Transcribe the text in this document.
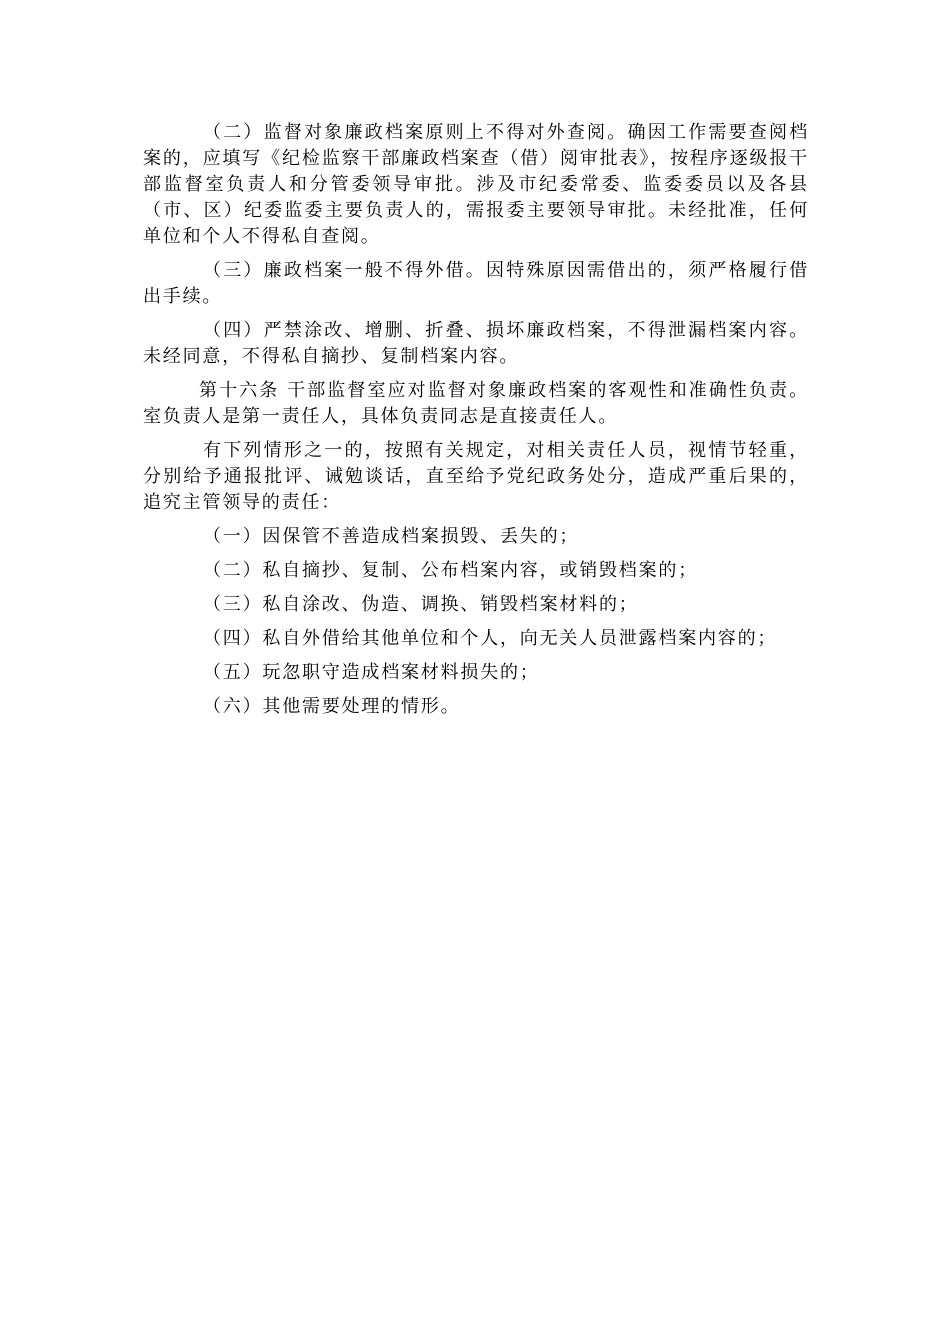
（二）监督对象廉政档案原则上不得对外查阅。确因工作需要查阅档案的，应填写《纪检监察干部廉政档案查（借）阅审批表》，按程序逐级报干部监督室负责人和分管委领导审批。涉及市纪委常委、监委委员以及各县（市、区）纪委监委主要负责人的，需报委主要领导审批。未经批准，任何单位和个人不得私自查阅。

（三）廉政档案一般不得外借。因特殊原因需借出的，须严格履行借出手续。

（四）严禁涂改、增删、折叠、损坏廉政档案，不得泄漏档案内容。未经同意，不得私自摘抄、复制档案内容。

第十六条 干部监督室应对监督对象廉政档案的客观性和准确性负责。室负责人是第一责任人，具体负责同志是直接责任人。

有下列情形之一的，按照有关规定，对相关责任人员，视情节轻重，分别给予通报批评、诫勉谈话，直至给予党纪政务处分，造成严重后果的，追究主管领导的责任：

（一）因保管不善造成档案损毁、丢失的；

（二）私自摘抄、复制、公布档案内容，或销毁档案的；

（三）私自涂改、伪造、调换、销毁档案材料的；

（四）私自外借给其他单位和个人，向无关人员泄露档案内容的；

（五）玩忽职守造成档案材料损失的；

（六）其他需要处理的情形。
